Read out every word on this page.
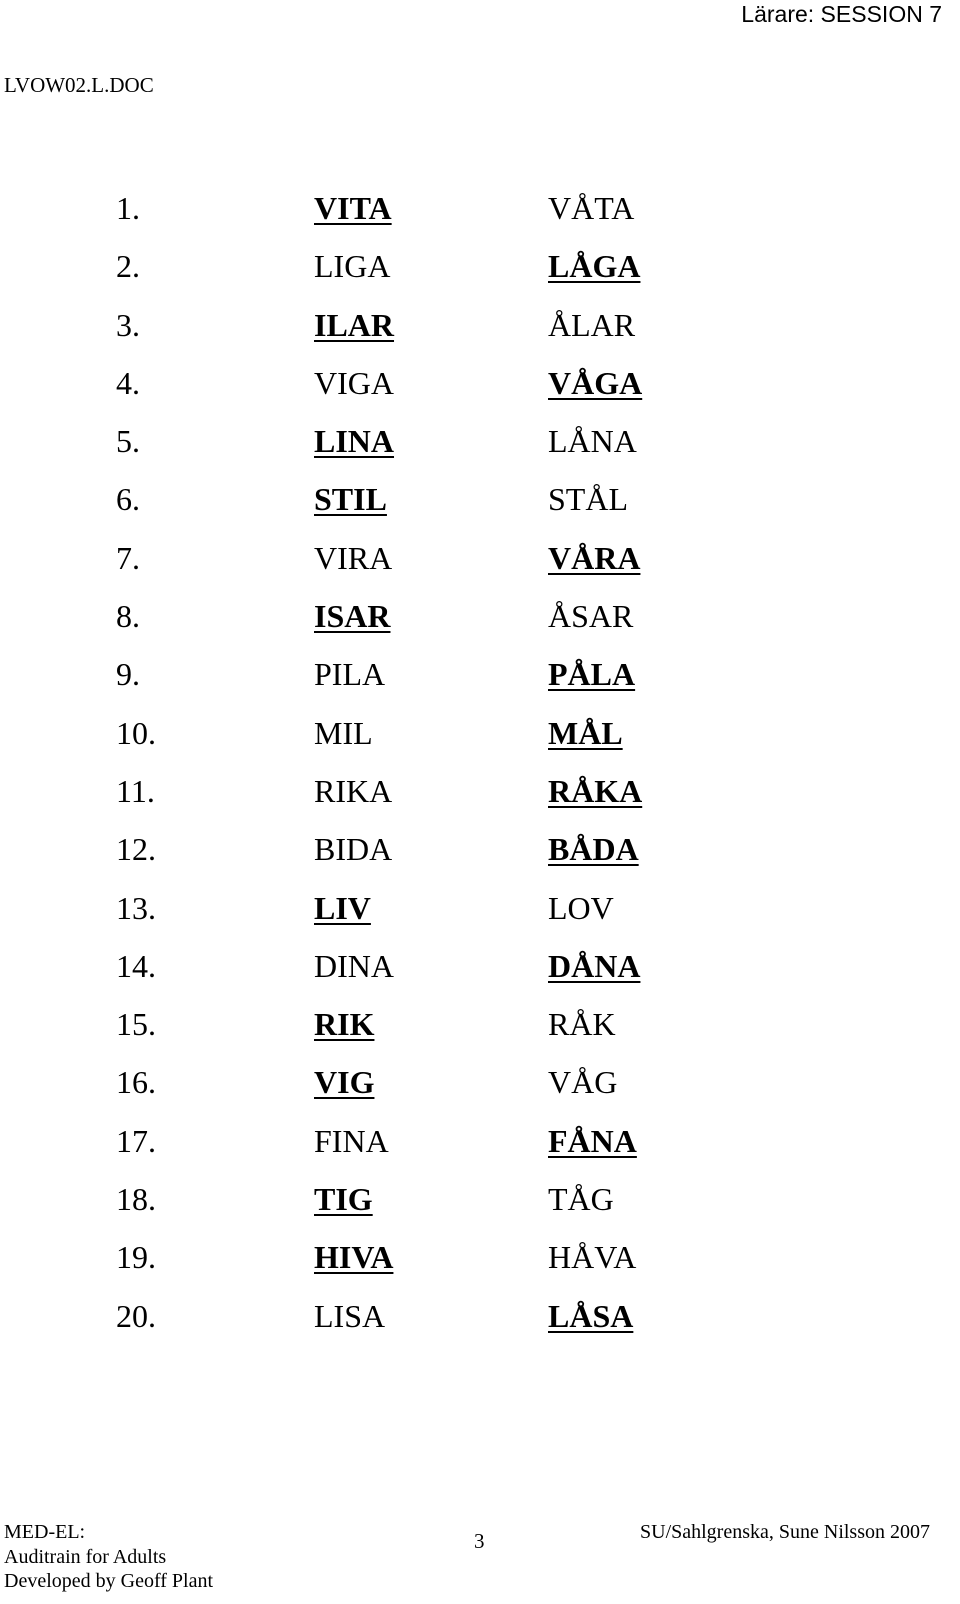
Lärare: SESSION 7
LVOW02.L.DOC
1.	VITA	VÅTA
2.	LIGA	LÅGA
3.	ILAR	ÅLAR
4.	VIGA	VÅGA
5.	LINA	LÅNA
6.	STIL	STÅL
7.	VIRA	VÅRA
8.	ISAR	ÅSAR
9.	PILA	PÅLA
10.	MIL	MÅL
11.	RIKA	RÅKA
12.	BIDA	BÅDA
13.	LIV	LOV
14.	DINA	DÅNA
15.	RIK	RÅK
16.	VIG	VÅG
17.	FINA	FÅNA
18.	TIG	TÅG
19.	HIVA	HÅVA
20.	LISA	LÅSA
MED-EL:
Auditrain for Adults
Developed by Geoff Plant
3	SU/Sahlgrenska, Sune Nilsson 2007
